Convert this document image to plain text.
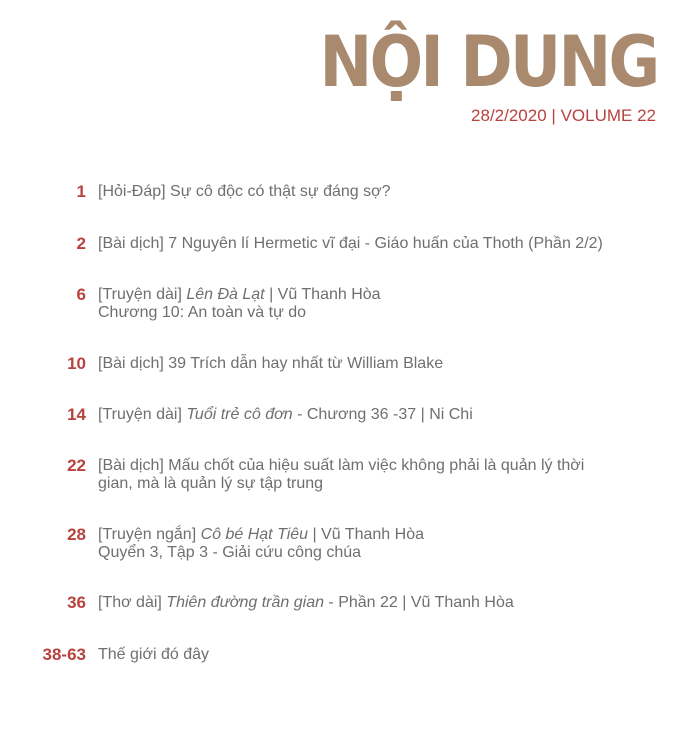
NỘI DUNG
28/2/2020 | VOLUME 22
1 [Hỏi-Đáp] Sự cô độc có thật sự đáng sợ?
2 [Bài dịch] 7 Nguyên lí Hermetic vĩ đại - Giáo huấn của Thoth (Phần 2/2)
6 [Truyện dài] Lên Đà Lạt | Vũ Thanh Hòa
Chương 10: An toàn và tự do
10 [Bài dịch] 39 Trích dẫn hay nhất từ William Blake
14 [Truyện dài] Tuổi trẻ cô đơn - Chương 36 -37 | Ni Chi
22 [Bài dịch] Mấu chốt của hiệu suất làm việc không phải là quản lý thời
gian, mà là quản lý sự tập trung
28 [Truyện ngắn] Cô bé Hạt Tiêu | Vũ Thanh Hòa
Quyển 3, Tập 3 - Giải cứu công chúa
36 [Thơ dài] Thiên đường trần gian - Phần 22 | Vũ Thanh Hòa
38-63 Thế giới đó đây
